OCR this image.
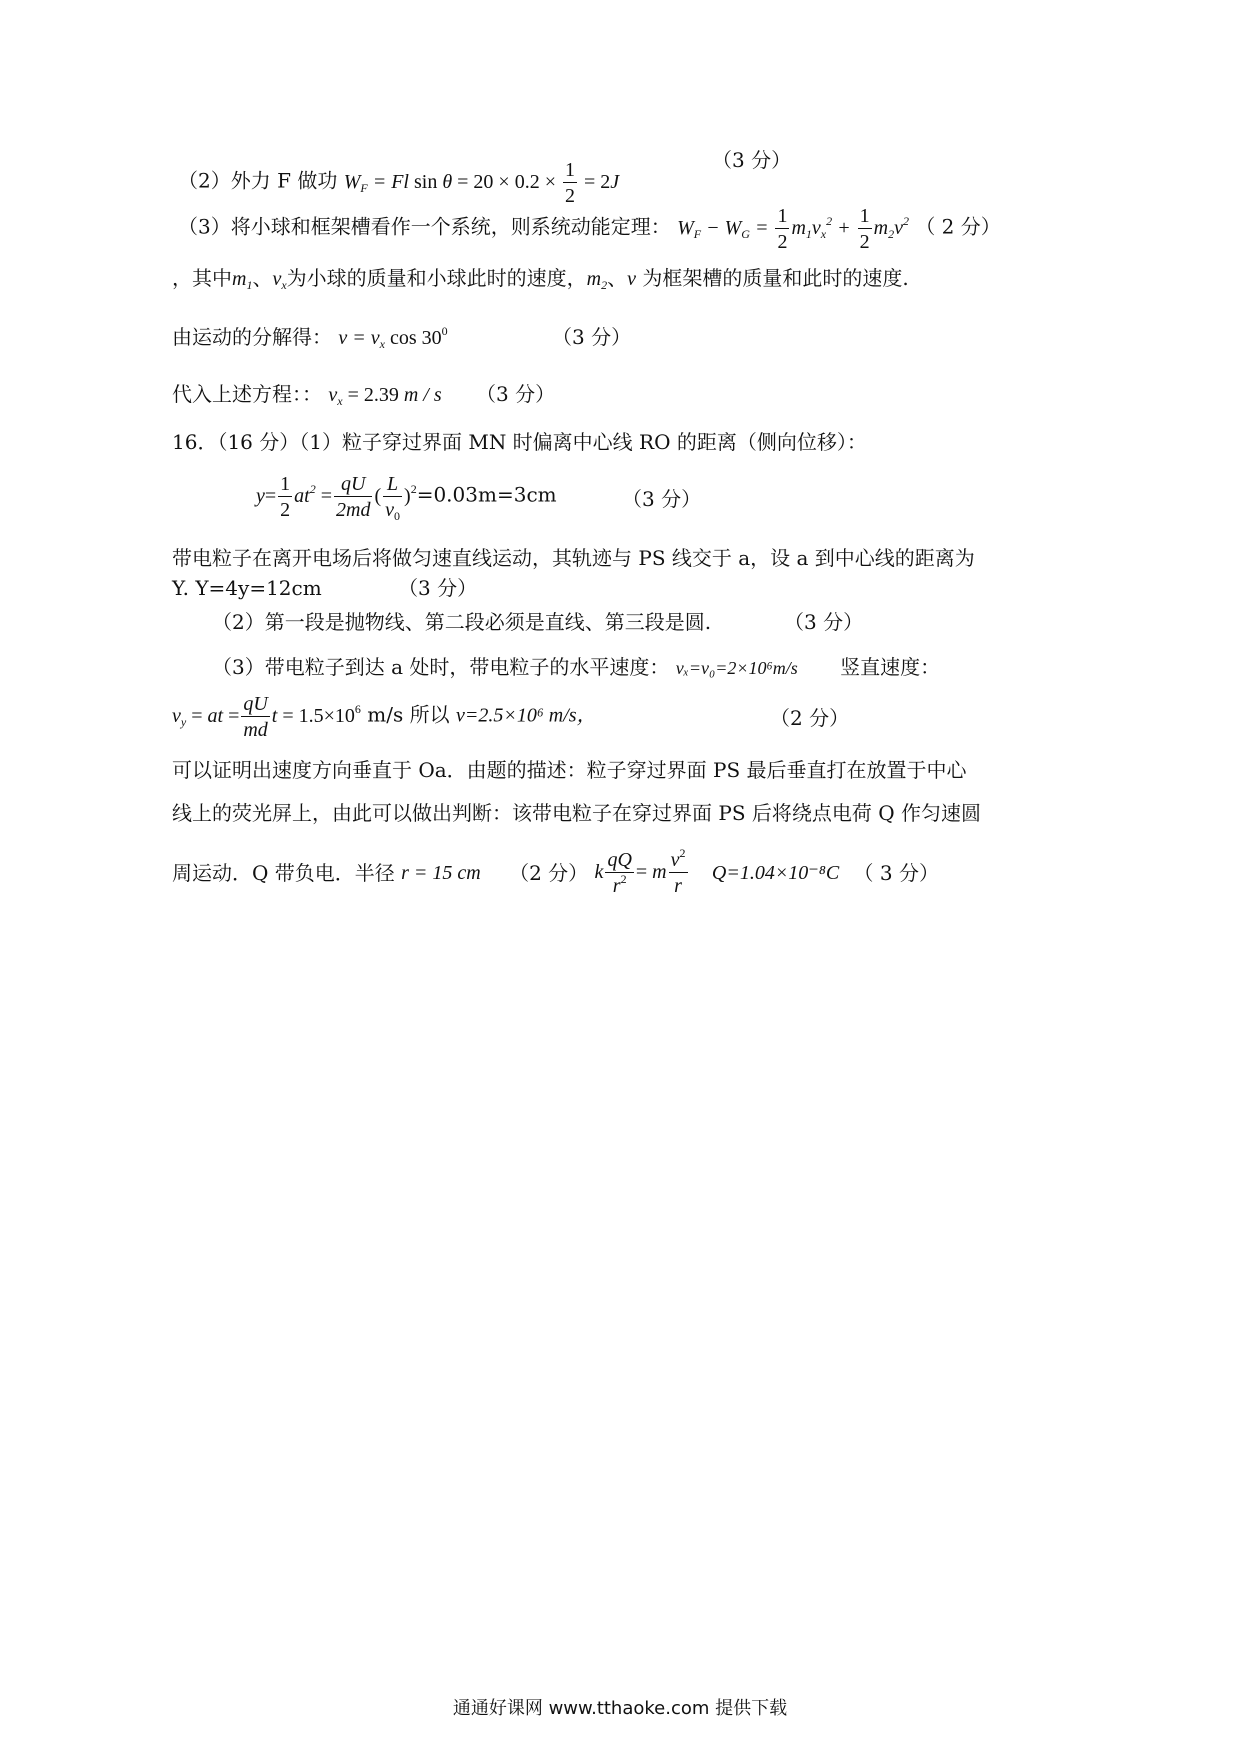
（2）外力 F 做功 $W_F = Fl$ $\sin \theta = 20 \times 0.2 \times \frac{1}{2} = 2J$
（3 分）
（3）将小球和框架槽看作一个系统，则系统动能定理： $W_F - W_G = \frac{1}{2} m_1v_x^2 + \frac{1}{2} m_2v^2$ （ 2 分）
，其中$m_1$、$v_x$为小球的质量和小球此时的速度，$m_2$、v 为框架槽的质量和此时的速度.
由运动的分解得： $v = v_x$ $\cos 30^0$	（3 分）
代入上述方程：： $v_x = 2.39$ m / s （3 分）
16．（16 分）（1）粒子穿过界面 MN 时偏离中心线 RO 的距离（侧向位移）：
$y= \frac{1}{2} at^2 = \frac{qU}{2md}$ ( $\frac{L}{v_0} )^2=0.03m=3cm$	（3 分）
带电粒子在离开电场后将做匀速直线运动，其轨迹与 PS 线交于 a，设 a 到中心线的距离为
Y. Y=4y=12cm	（3 分）
（2）第一段是抛物线、第二段必须是直线、第三段是圆.	（3 分）
（3）带电粒子到达 a 处时，带电粒子的水平速度： vₓ=v₀=2×10⁶m/s 竖直速度：
$v_y$ = at = $\frac{qU}{md}$ $t = 1.5\times 10^6$ m/s 所以 v=2.5×10⁶ m/s，	（2 分）
可以证明出速度方向垂直于 Oa．由题的描述：粒子穿过界面 PS 最后垂直打在放置于中心
线上的荧光屏上，由此可以做出判断：该带电粒子在穿过界面 PS 后将绕点电荷 Q 作匀速圆
周运动．Q 带负电．半径 r = 15 cm （2 分） k $\frac{qQ}{r^2} = m \frac{v^2}{r} Q=1.04\times 10^{-8}C$ （ 3 分）
通通好课网 www.tthaoke.com 提供下载
